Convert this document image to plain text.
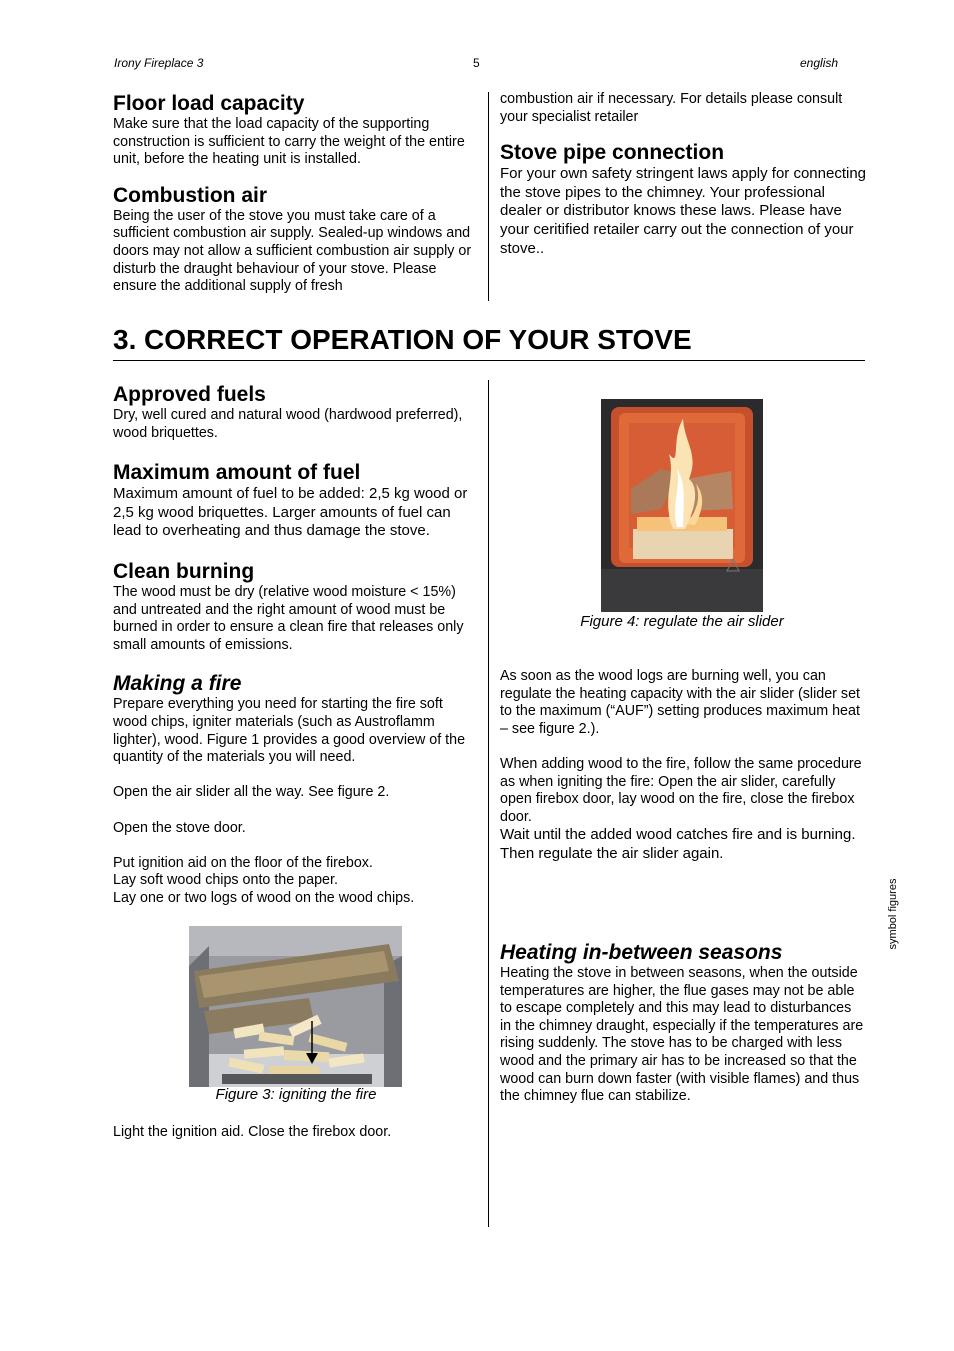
Irony Fireplace 3	5	english
Floor load capacity

Make sure that the load capacity of the supporting construction is sufficient to carry the weight of the entire unit, before the heating unit is installed.

Combustion air

Being the user of the stove you must take care of a sufficient combustion air supply. Sealed-up windows and doors may not allow a sufficient combustion air supply or disturb the draught behaviour of your stove. Please ensure the additional supply of fresh

combustion air if necessary. For details please consult your specialist retailer

Stove pipe connection

For your own safety stringent laws apply for connecting the stove pipes to the chimney. Your professional dealer or distributor knows these laws. Please have your ceritified retailer carry out the connection of your stove..

3. CORRECT OPERATION OF YOUR STOVE
Approved fuels

Dry, well cured and natural wood (hardwood preferred), wood briquettes.

Maximum amount of fuel

Maximum amount of fuel to be added: 2,5 kg wood or 2,5 kg wood briquettes. Larger amounts of fuel can lead to overheating and thus damage the stove.

Clean burning

The wood must be dry (relative wood moisture < 15%) and untreated and the right amount of wood must be burned in order to ensure a clean fire that releases only small amounts of emissions.

Making a fire

Prepare everything you need for starting the fire soft wood chips, igniter materials (such as Austroflamm lighter), wood. Figure 1 provides a good overview of the quantity of the materials you will need.

Open the air slider all the way. See figure 2.

Open the stove door.

Put ignition aid on the floor of the firebox.

Lay soft wood chips onto the paper.

Lay one or two logs of wood on the wood chips.

Figure 3: igniting the fire
Light the ignition aid. Close the firebox door.
Figure 4: regulate the air slider

As soon as the wood logs are burning well, you can regulate the heating capacity with the air slider (slider set to the maximum (“AUF”) setting produces maximum heat – see figure 2.).

When adding wood to the fire, follow the same procedure as when igniting the fire: Open the air slider, carefully open firebox door, lay wood on the fire, close the firebox door.

Wait until the added wood catches fire and is burning. Then regulate the air slider again.

Heating in-between seasons

Heating the stove in between seasons, when the outside temperatures are higher, the flue gases may not be able to escape completely and this may lead to disturbances in the chimney draught, especially if the temperatures are rising suddenly. The stove has to be charged with less wood and the primary air has to be increased so that the wood can burn down faster (with visible flames) and thus the chimney flue can stabilize.

symbol figures
